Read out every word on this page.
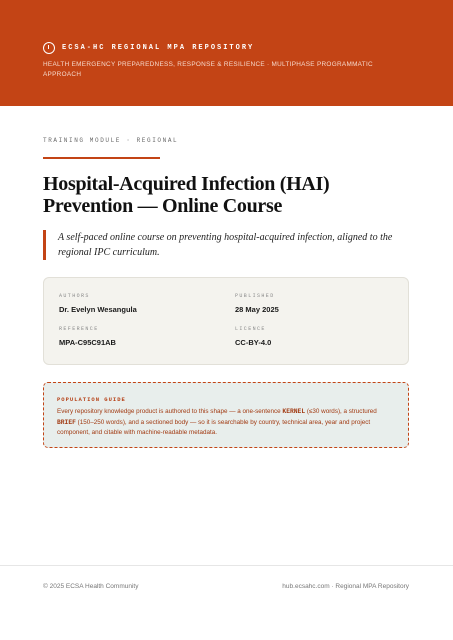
ECSA-HC REGIONAL MPA REPOSITORY
HEALTH EMERGENCY PREPAREDNESS, RESPONSE & RESILIENCE · MULTIPHASE PROGRAMMATIC APPROACH
TRAINING MODULE · REGIONAL
Hospital-Acquired Infection (HAI) Prevention — Online Course

A self-paced online course on preventing hospital-acquired infection, aligned to the regional IPC curriculum.

AUTHORS
Dr. Evelyn Wesangula
PUBLISHED
28 May 2025
REFERENCE
MPA-C95C91AB
LICENCE
CC-BY-4.0
POPULATION GUIDE
Every repository knowledge product is authored to this shape — a one-sentence KERNEL (≤30 words), a structured BRIEF (150–250 words), and a sectioned body — so it is searchable by country, technical area, year and project component, and citable with machine-readable metadata.
© 2025 ECSA Health Community	hub.ecsahc.com · Regional MPA Repository
